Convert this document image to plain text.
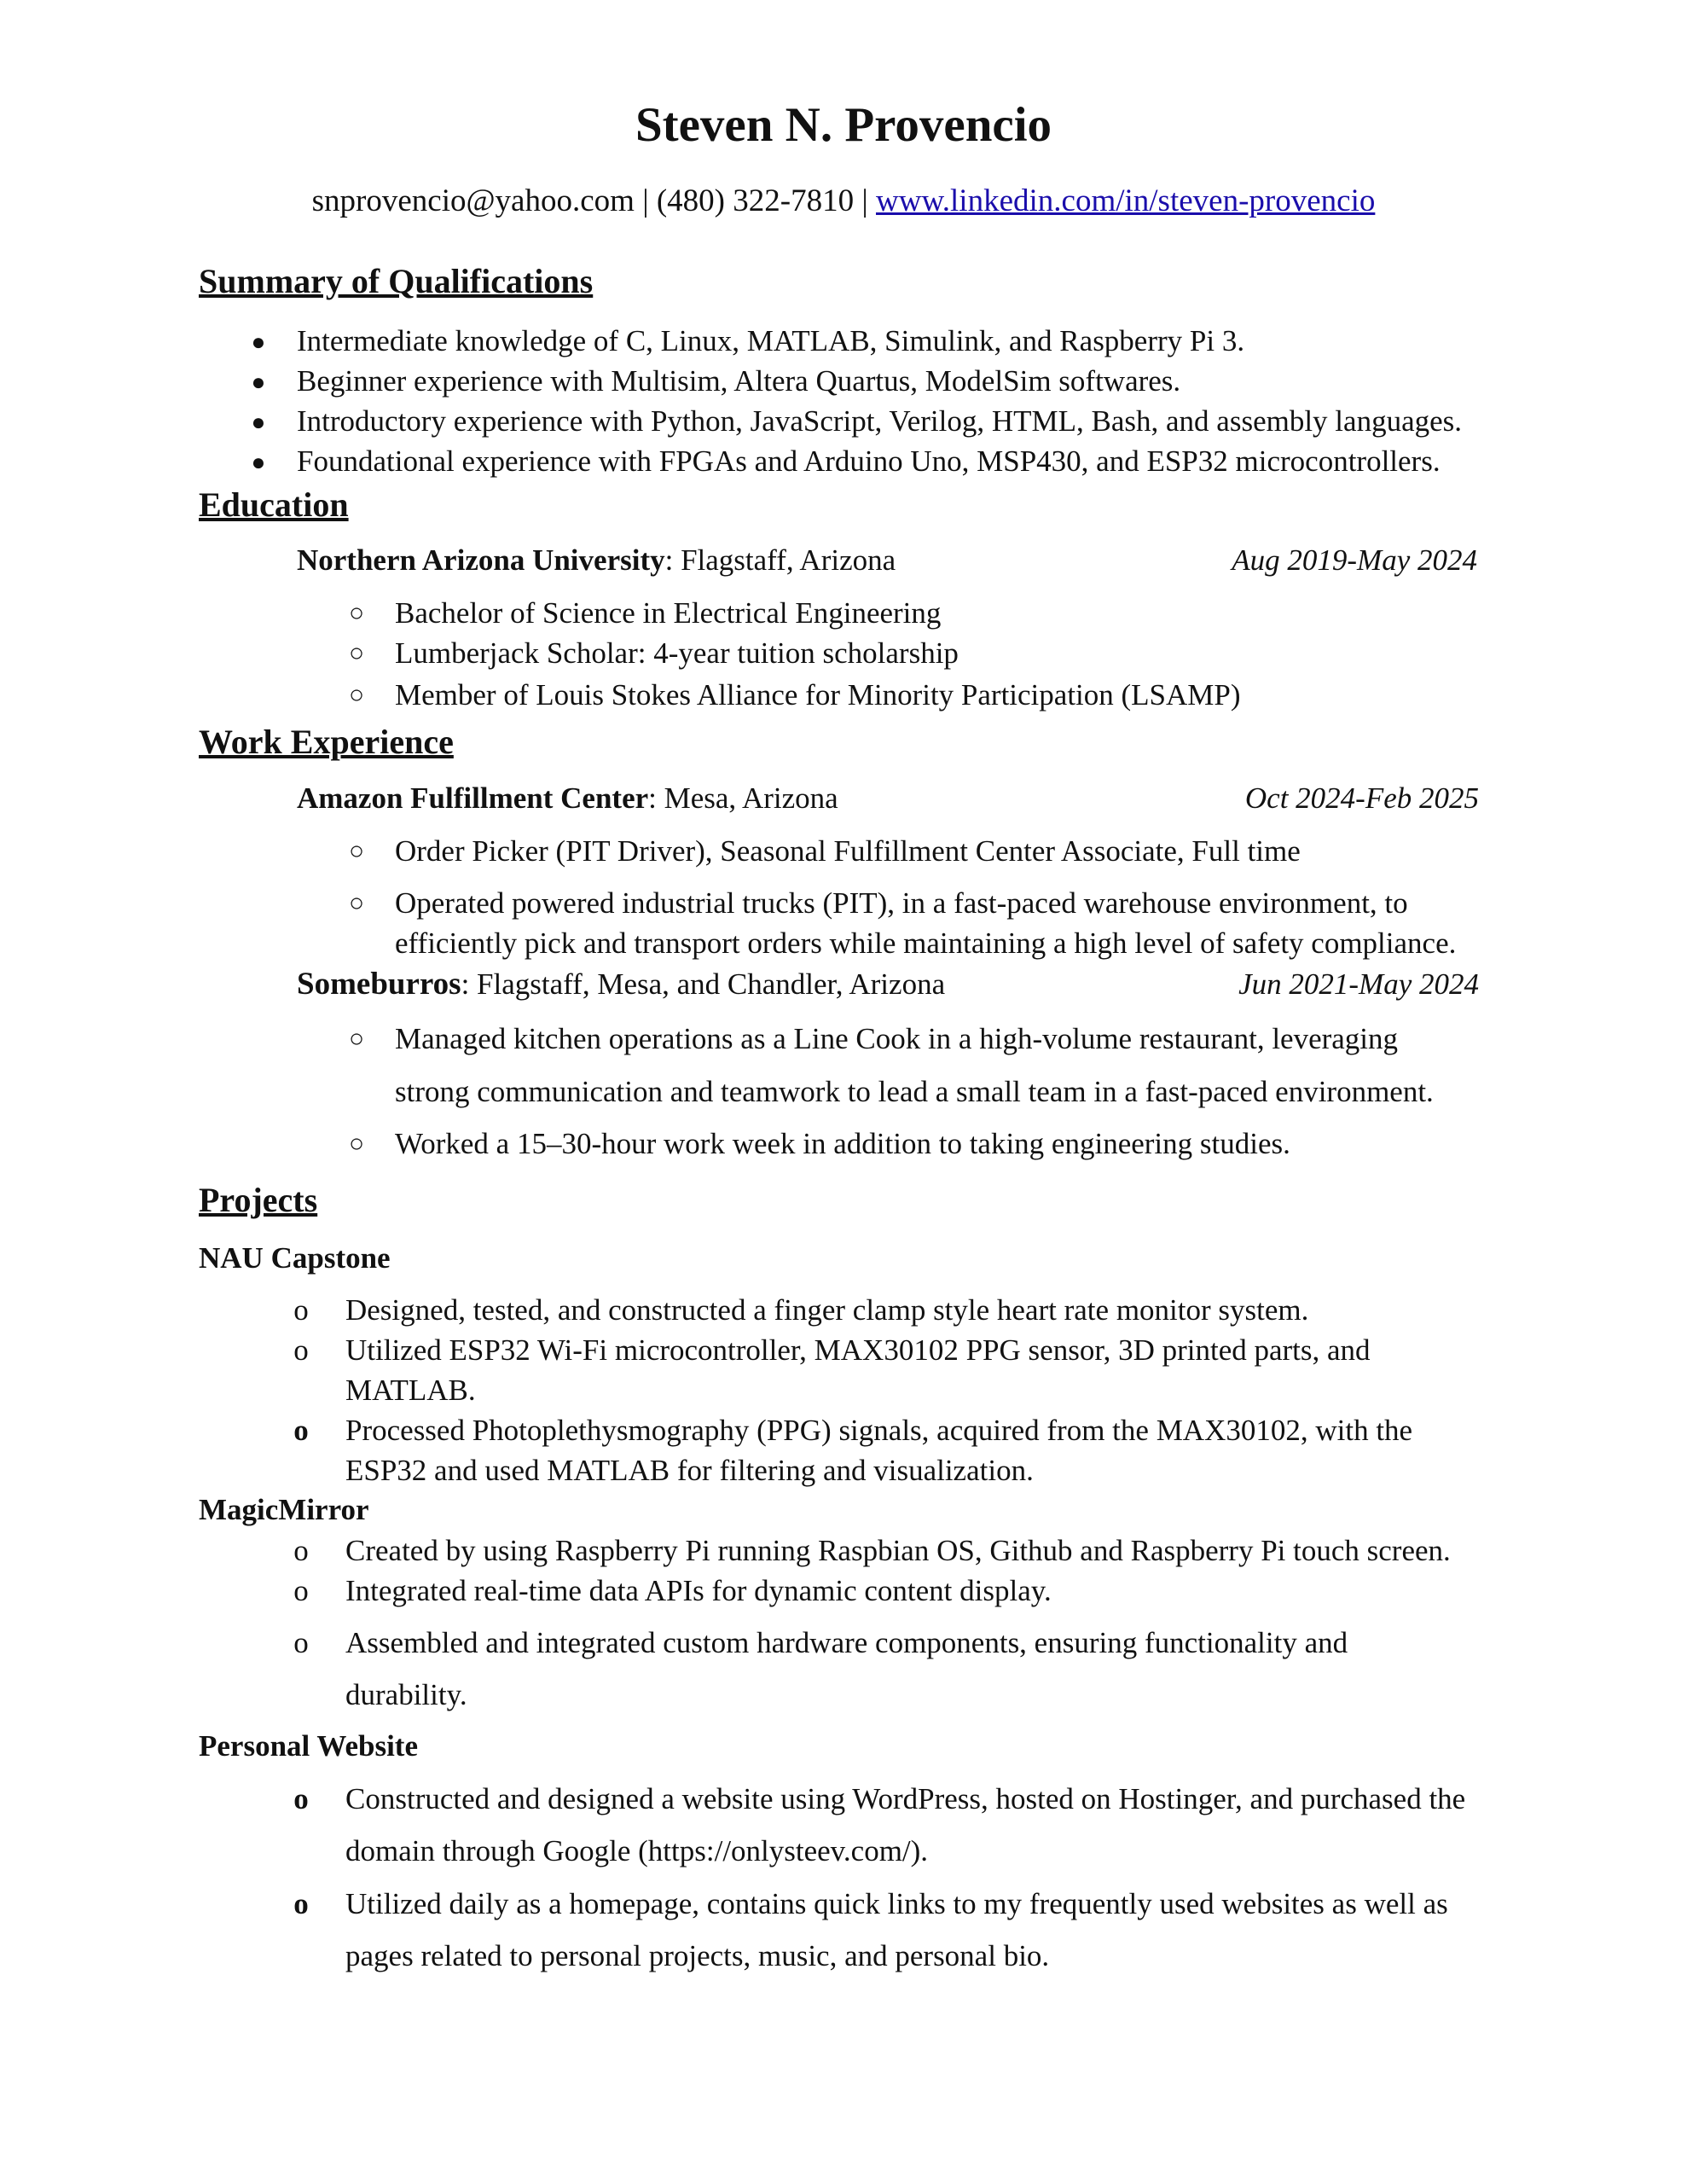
Steven N. Provencio
snprovencio@yahoo.com | (480) 322-7810 | www.linkedin.com/in/steven-provencio
Summary of Qualifications
●	Intermediate knowledge of C, Linux, MATLAB, Simulink, and Raspberry Pi 3.
●	Beginner experience with Multisim, Altera Quartus, ModelSim softwares.
●	Introductory experience with Python, JavaScript, Verilog, HTML, Bash, and assembly languages.
●	Foundational experience with FPGAs and Arduino Uno, MSP430, and ESP32 microcontrollers.
Education
Northern Arizona University: Flagstaff, Arizona	Aug 2019-May 2024
○	Bachelor of Science in Electrical Engineering
○	Lumberjack Scholar: 4-year tuition scholarship
○	Member of Louis Stokes Alliance for Minority Participation (LSAMP)
Work Experience
Amazon Fulfillment Center: Mesa, Arizona	Oct 2024-Feb 2025
○	Order Picker (PIT Driver), Seasonal Fulfillment Center Associate, Full time
○	Operated powered industrial trucks (PIT), in a fast-paced warehouse environment, to
efficiently pick and transport orders while maintaining a high level of safety compliance.
Someburros: Flagstaff, Mesa, and Chandler, Arizona	Jun 2021-May 2024
○	Managed kitchen operations as a Line Cook in a high-volume restaurant, leveraging
strong communication and teamwork to lead a small team in a fast-paced environment.
○	Worked a 15–30-hour work week in addition to taking engineering studies.
Projects
NAU Capstone
o	Designed, tested, and constructed a finger clamp style heart rate monitor system.
o	Utilized ESP32 Wi-Fi microcontroller, MAX30102 PPG sensor, 3D printed parts, and
MATLAB.
o	Processed Photoplethysmography (PPG) signals, acquired from the MAX30102, with the
ESP32 and used MATLAB for filtering and visualization.
MagicMirror
o	Created by using Raspberry Pi running Raspbian OS, Github and Raspberry Pi touch screen.
o	Integrated real-time data APIs for dynamic content display.
o	Assembled and integrated custom hardware components, ensuring functionality and
durability.
Personal Website
o	Constructed and designed a website using WordPress, hosted on Hostinger, and purchased the
domain through Google (https://onlysteev.com/).
o	Utilized daily as a homepage, contains quick links to my frequently used websites as well as
pages related to personal projects, music, and personal bio.
